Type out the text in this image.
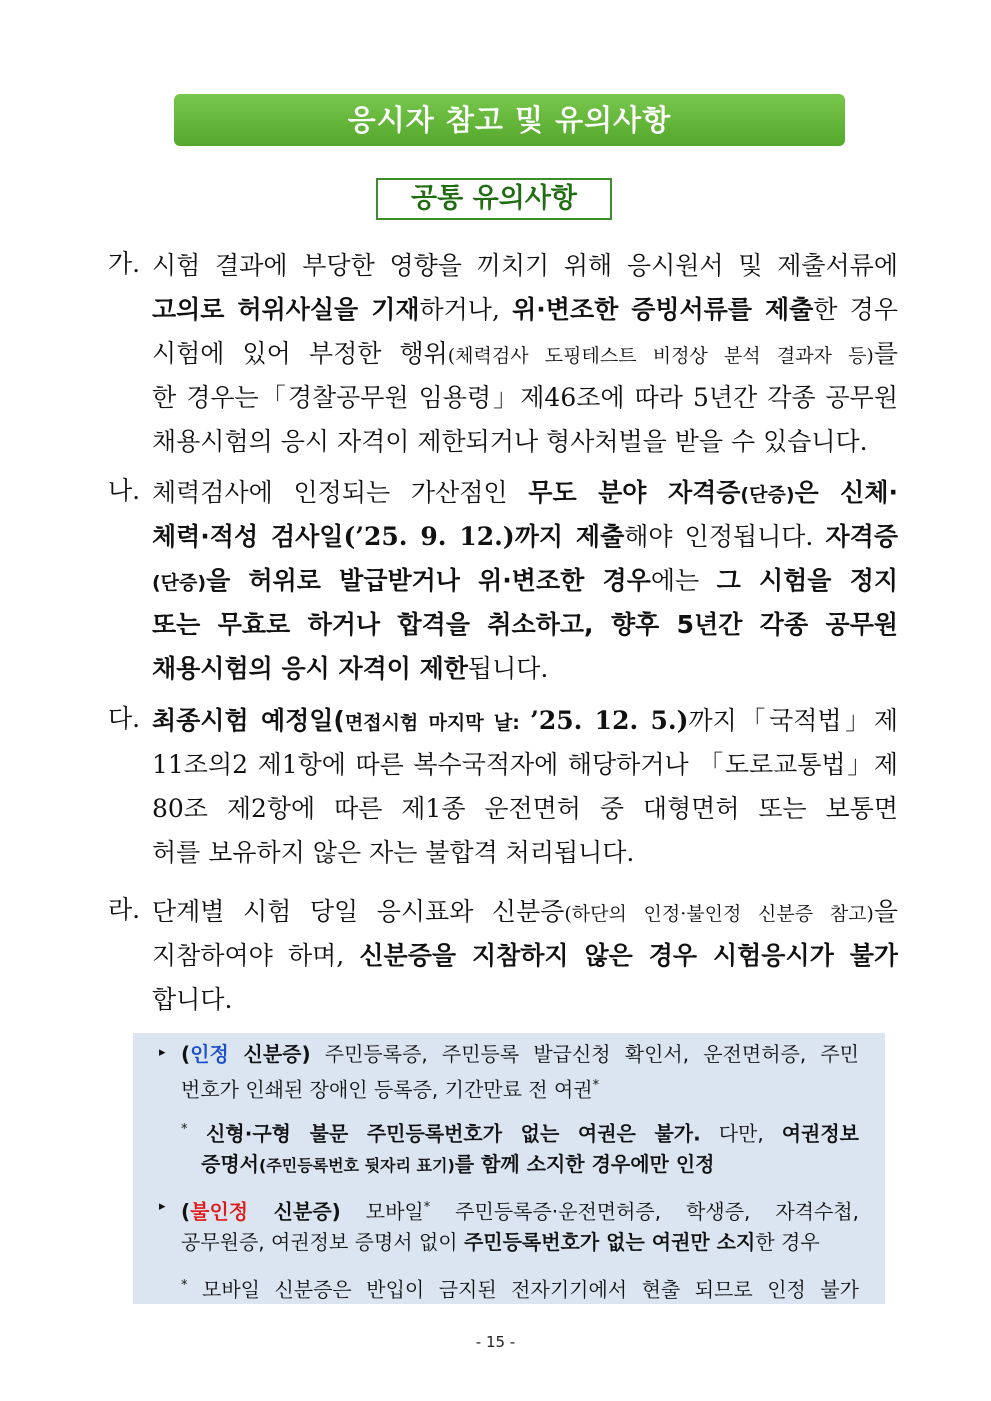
응시자 참고 및 유의사항
공통 유의사항
가. 시험 결과에 부당한 영향을 끼치기 위해 응시원서 및 제출서류에
고의로 허위사실을 기재하거나, 위·변조한 증빙서류를 제출한 경우
시험에 있어 부정한 행위(체력검사 도핑테스트 비정상 분석 결과자 등)를
한 경우는「경찰공무원 임용령」제46조에 따라 5년간 각종 공무원
채용시험의 응시 자격이 제한되거나 형사처벌을 받을 수 있습니다.
나. 체력검사에 인정되는 가산점인 무도 분야 자격증(단증)은 신체·
체력·적성 검사일(’25. 9. 12.)까지 제출해야 인정됩니다. 자격증
(단증)을 허위로 발급받거나 위·변조한 경우에는 그 시험을 정지
또는 무효로 하거나 합격을 취소하고, 향후 5년간 각종 공무원
채용시험의 응시 자격이 제한됩니다.
다. 최종시험 예정일(면접시험 마지막 날: ’25. 12. 5.)까지「국적법」제
11조의2 제1항에 따른 복수국적자에 해당하거나 「도로교통법」제
80조 제2항에 따른 제1종 운전면허 중 대형면허 또는 보통면
허를 보유하지 않은 자는 불합격 처리됩니다.
라. 단계별 시험 당일 응시표와 신분증(하단의 인정·불인정 신분증 참고)을
지참하여야 하며, 신분증을 지참하지 않은 경우 시험응시가 불가
합니다.
▸ (인정 신분증) 주민등록증, 주민등록 발급신청 확인서, 운전면허증, 주민
번호가 인쇄된 장애인 등록증, 기간만료 전 여권*
* 신형·구형 불문 주민등록번호가 없는 여권은 불가. 다만, 여권정보
증명서(주민등록번호 뒷자리 표기)를 함께 소지한 경우에만 인정
▸ (불인정 신분증) 모바일* 주민등록증·운전면허증, 학생증, 자격수첩,
공무원증, 여권정보 증명서 없이 주민등록번호가 없는 여권만 소지한 경우
* 모바일 신분증은 반입이 금지된 전자기기에서 현출 되므로 인정 불가
- 15 -
